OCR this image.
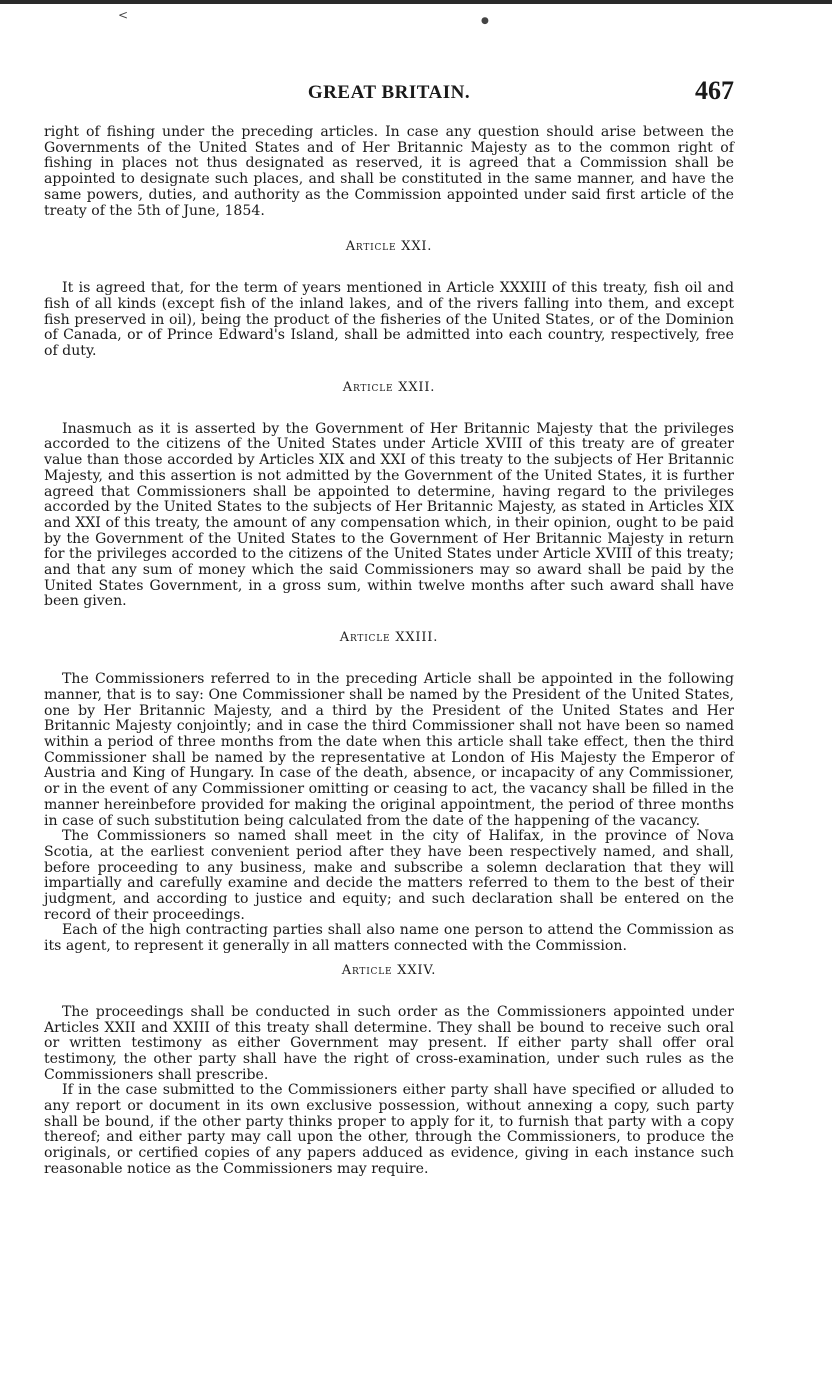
<	●
GREAT BRITAIN.	467

right of fishing under the preceding articles. In case any question should arise between the Governments of the United States and of Her Britannic Majesty as to the common right of fishing in places not thus designated as reserved, it is agreed that a Commission shall be appointed to designate such places, and shall be constituted in the same manner, and have the same powers, duties, and authority as the Commission appointed under said first article of the treaty of the 5th of June, 1854.

Article XXI.

It is agreed that, for the term of years mentioned in Article XXXIII of this treaty, fish oil and fish of all kinds (except fish of the inland lakes, and of the rivers falling into them, and except fish preserved in oil), being the product of the fisheries of the United States, or of the Dominion of Canada, or of Prince Edward's Island, shall be admitted into each country, respectively, free of duty.

Article XXII.

Inasmuch as it is asserted by the Government of Her Britannic Majesty that the privileges accorded to the citizens of the United States under Article XVIII of this treaty are of greater value than those accorded by Articles XIX and XXI of this treaty to the subjects of Her Britannic Majesty, and this assertion is not admitted by the Government of the United States, it is further agreed that Commissioners shall be appointed to determine, having regard to the privileges accorded by the United States to the subjects of Her Britannic Majesty, as stated in Articles XIX and XXI of this treaty, the amount of any compensation which, in their opinion, ought to be paid by the Government of the United States to the Government of Her Britannic Majesty in return for the privileges accorded to the citizens of the United States under Article XVIII of this treaty; and that any sum of money which the said Commissioners may so award shall be paid by the United States Government, in a gross sum, within twelve months after such award shall have been given.

Article XXIII.

The Commissioners referred to in the preceding Article shall be appointed in the following manner, that is to say: One Commissioner shall be named by the President of the United States, one by Her Britannic Majesty, and a third by the President of the United States and Her Britannic Majesty conjointly; and in case the third Commissioner shall not have been so named within a period of three months from the date when this article shall take effect, then the third Commissioner shall be named by the representative at London of His Majesty the Emperor of Austria and King of Hungary. In case of the death, absence, or incapacity of any Commissioner, or in the event of any Commissioner omitting or ceasing to act, the vacancy shall be filled in the manner hereinbefore provided for making the original appointment, the period of three months in case of such substitution being calculated from the date of the happening of the vacancy.

The Commissioners so named shall meet in the city of Halifax, in the province of Nova Scotia, at the earliest convenient period after they have been respectively named, and shall, before proceeding to any business, make and subscribe a solemn declaration that they will impartially and carefully examine and decide the matters referred to them to the best of their judgment, and according to justice and equity; and such declaration shall be entered on the record of their proceedings.

Each of the high contracting parties shall also name one person to attend the Commission as its agent, to represent it generally in all matters connected with the Commission.

Article XXIV.

The proceedings shall be conducted in such order as the Commissioners appointed under Articles XXII and XXIII of this treaty shall determine. They shall be bound to receive such oral or written testimony as either Government may present. If either party shall offer oral testimony, the other party shall have the right of cross-examination, under such rules as the Commissioners shall prescribe.

If in the case submitted to the Commissioners either party shall have specified or alluded to any report or document in its own exclusive possession, without annexing a copy, such party shall be bound, if the other party thinks proper to apply for it, to furnish that party with a copy thereof; and either party may call upon the other, through the Commissioners, to produce the originals, or certified copies of any papers adduced as evidence, giving in each instance such reasonable notice as the Commissioners may require.
